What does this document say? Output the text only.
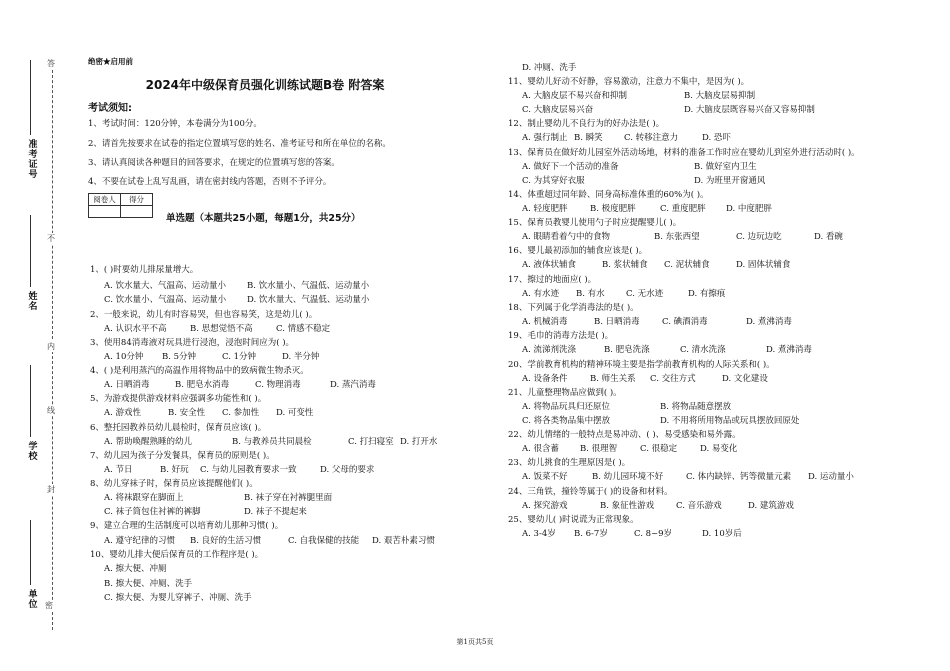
答
准考证号
不
姓名
内
线
学校
封
单位 密
绝密★启用前
2024年中级保育员强化训练试题B卷 附答案
考试须知:
1、考试时间：120分钟，本卷满分为100分。
2、请首先按要求在试卷的指定位置填写您的姓名、准考证号和所在单位的名称。
3、请认真阅读各种题目的回答要求，在规定的位置填写您的答案。
4、不要在试卷上乱写乱画，请在密封线内答题，否则不予评分。
阅卷人	得分

单选题（本题共25小题，每题1分，共25分）
1、( )时要幼儿排尿量增大。
A. 饮水量大、气温高、运动量小 B. 饮水量小、气温低、运动量小
C. 饮水量小、气温高、运动量小 D. 饮水量大、气温低、运动量小
2、一般来说，幼儿有时容易哭，但也容易笑，这是幼儿( )。
A. 认识水平不高	B. 思想觉悟不高	C. 情感不稳定
3、使用84消毒液对玩具进行浸泡，浸泡时间应为( )。
A. 10分钟 B. 5分钟	C. 1分钟	D. 半分钟
4、( )是利用蒸汽的高温作用将物品中的致病微生物杀灭。
A. 日晒消毒	B. 肥皂水消毒	C. 物理消毒	D. 蒸汽消毒
5、为游戏提供游戏材料应强调多功能性和( )。
A. 游戏性	B. 安全性 C. 参加性 D. 可变性
6、整托园教养员幼儿晨检时，保育员应该( )。
A. 帮助唤醒熟睡的幼儿	B. 与教养员共同晨检	C. 打扫寝室 D. 打开水
7、幼儿园为孩子分发餐具，保育员的原则是( )。
A. 节日	B. 好玩 C. 与幼儿园教育要求一致	D. 父母的要求
8、幼儿穿袜子时，保育员应该提醒他们( )。
A. 将袜跟穿在脚面上	B. 袜子穿在衬裤腿里面
C. 袜子筒包住衬裤的裤脚	D. 袜子不提起来
9、建立合理的生活制度可以培育幼儿那种习惯( )。
A. 遵守纪律的习惯 B. 良好的生活习惯	C. 自我保健的技能 D. 艰苦朴素习惯
10、婴幼儿排大便后保育员的工作程序是( )。
A. 擦大便、冲厕
B. 擦大便、冲厕、洗手
C. 擦大便、为婴儿穿裤子、冲厕、洗手
D. 冲厕、洗手
11、婴幼儿好动不好静，容易激动，注意力不集中，是因为( )。
A. 大脑皮层不易兴奋和抑制	B. 大脑皮层易抑制
C. 大脑皮层易兴奋	D. 大脑皮层既容易兴奋又容易抑制
12、制止婴幼儿不良行为的好办法是( )。
A. 强行制止 B. 瞬笑	C. 转移注意力	D. 恐吓
13、保育员在做好幼儿园室外活动场地，材料的准备工作时应在婴幼儿到室外进行活动时( )。
A. 做好下一个活动的准备	B. 做好室内卫生
C. 为其穿好衣服	D. 为班里开窗通风
14、体重超过同年龄、同身高标准体重的60%为( )。
A. 轻度肥胖	B. 极度肥胖	C. 重度肥胖 D. 中度肥胖
15、保育员教婴儿使用勺子时应提醒婴儿( )。
A. 眼睛看着勺中的食物	B. 东张西望	C. 边玩边吃	D. 看碗
16、婴儿最初添加的辅食应该是( )。
A. 液体状辅食	B. 浆状辅食 C. 泥状辅食	D. 固体状辅食
17、擦过的地面应( )。
A. 有水迹 B. 有水	C. 无水迹	D. 有擦痕
18、下列属于化学消毒法的是( )。
A. 机械消毒	B. 日晒消毒	C. 碘酒消毒	D. 煮沸消毒
19、毛巾的消毒方法是( )。
A. 流涕剂洗涤	B. 肥皂洗涤	C. 清水洗涤	D. 煮沸消毒
20、学前教育机构的精神环境主要是指学前教育机构的人际关系和( )。
A. 设备条件	B. 师生关系 C. 交往方式	D. 文化建设
21、儿童整理物品应做到( )。
A. 将物品玩具归还原位	B. 将物品随意摆放
C. 将各类物品集中摆放	D. 不用将所用物品或玩具摆放回原处
22、幼儿情绪的一般特点是易冲动、( )、易受感染和易外露。
A. 很含蓄 B. 很理智	C. 很稳定	D. 易变化
23、幼儿挑食的生理原因是( )。
A. 饭菜不好	B. 幼儿园环境不好	C. 体内缺锌、钙等微量元素 D. 运动量小
24、三角铁，撞铃等属于( )的设备和材料。
A. 探究游戏	B. 象征性游戏	C. 音乐游戏	D. 建筑游戏
25、婴幼儿( )时说谎为正常现象。
A. 3-4岁 B. 6-7岁	C. 8~9岁	D. 10岁后
第1页共5页
